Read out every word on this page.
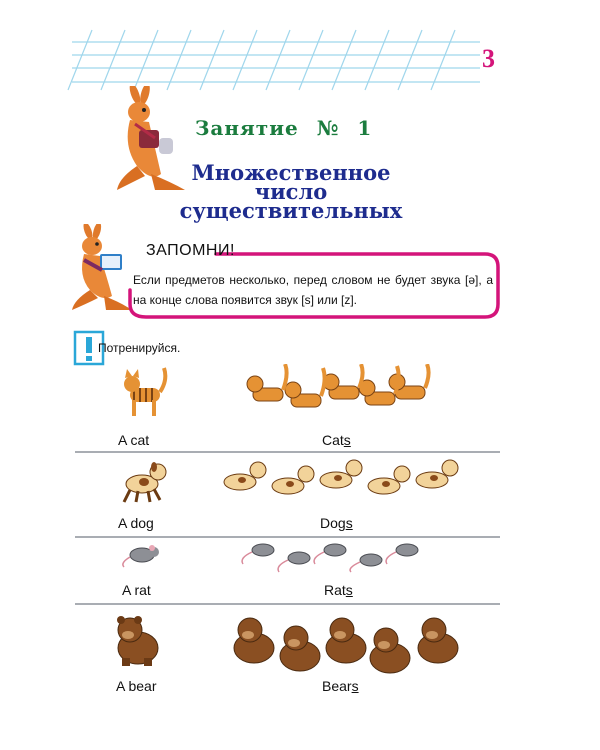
3
Занятие № 1
Множественное
число
существительных
ЗАПОМНИ!
Если предметов несколько, перед словом не будет звука [ə], а на конце слова появится звук [s] или [z].
Потренируйся.
A cat	Cats
A dog	Dogs
A rat	Rats
A bear	Bears
